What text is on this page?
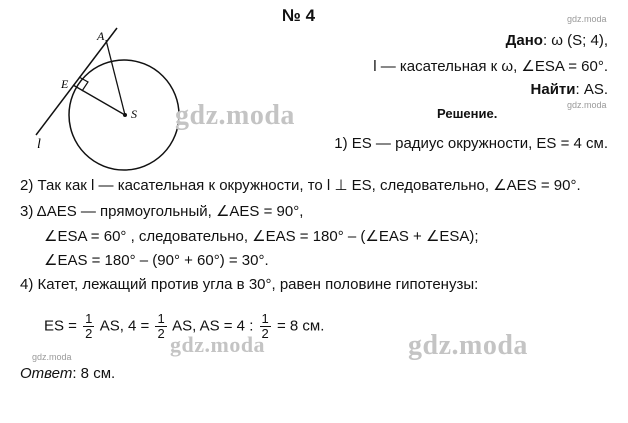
№ 4
A
E
S
l
gdz.moda
gdz.moda
gdz.moda
gdz.moda
gdz.moda	gdz.moda
Дано: ω (S; 4),
l — касательная к ω, ∠ESA = 60°.
Найти: AS.
Решение.
1) ES — радиус окружности, ES = 4 см.
2) Так как l — касательная к окружности, то l ⊥ ES, следовательно, ∠AES = 90°.
3) ΔAES — прямоугольный, ∠AES = 90°,
∠ESA = 60° , следовательно, ∠EAS = 180° – (∠EAS + ∠ESA);
∠EAS = 180° – (90° + 60°) = 30°.
4) Катет, лежащий против угла в 30°, равен половине гипотенузы:
ES = $\frac{1}{2}$ AS, $4 = \frac{1}{2}$ AS, AS = 4 : $\frac{1}{2} = 8$ см.
Ответ: 8 см.
